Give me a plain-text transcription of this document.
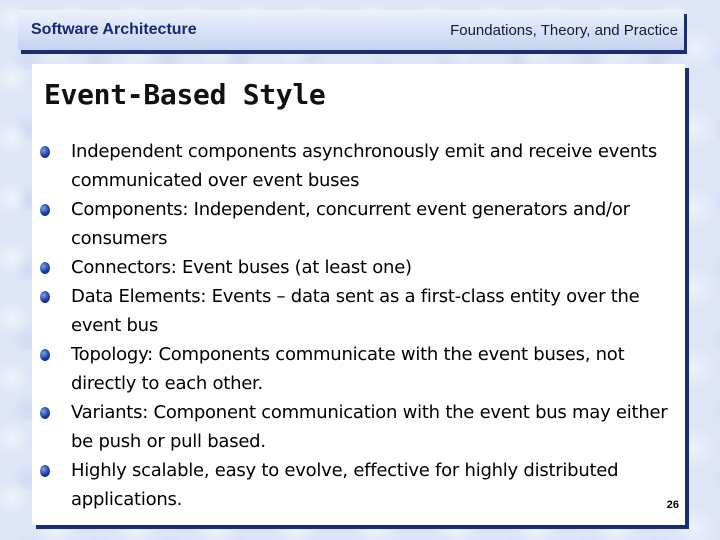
Software Architecture	Foundations, Theory, and Practice
Event-Based Style
Independent components asynchronously emit and receive events communicated over event buses
Components: Independent, concurrent event generators and/or consumers
Connectors: Event buses (at least one)
Data Elements: Events – data sent as a first-class entity over the event bus
Topology: Components communicate with the event buses, not directly to each other.
Variants: Component communication with the event bus may either be push or pull based.
Highly scalable, easy to evolve, effective for highly distributed applications.	26
